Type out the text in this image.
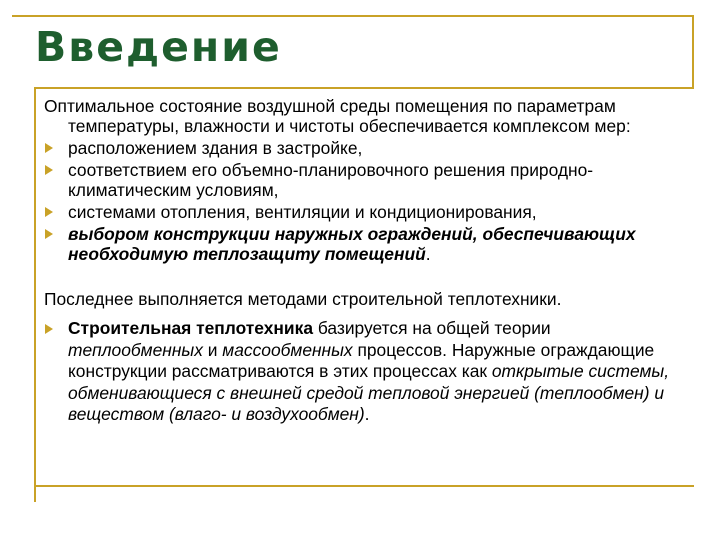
Введение

Оптимальное состояние воздушной среды помещения по параметрам температуры, влажности и чистоты обеспечивается комплексом мер:

расположением здания в застройке,
соответствием его объемно-планировочного решения природно-климатическим условиям,
системами отопления, вентиляции и кондиционирования,
выбором конструкции наружных ограждений, обеспечивающих необходимую теплозащиту помещений.

Последнее выполняется методами строительной теплотехники.

Строительная теплотехника базируется на общей теории теплообменных и массообменных процессов. Наружные ограждающие конструкции рассматриваются в этих процессах как открытые системы, обменивающиеся с внешней средой тепловой энергией (теплообмен) и веществом (влаго- и воздухообмен).
